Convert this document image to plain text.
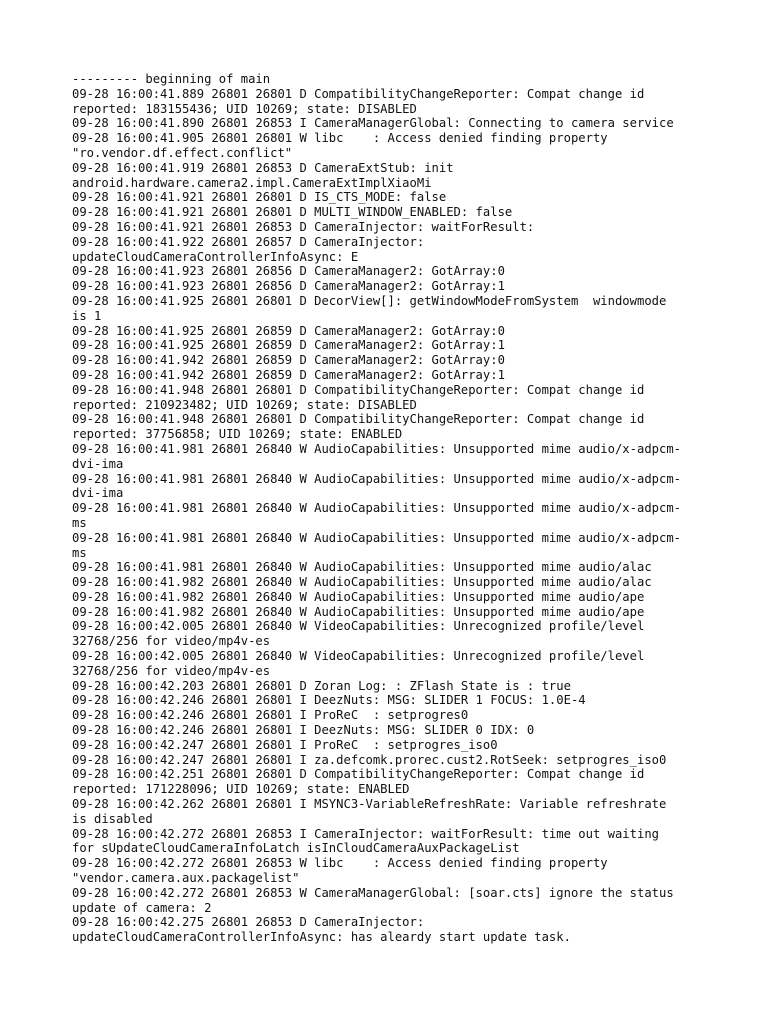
--------- beginning of main
09-28 16:00:41.889 26801 26801 D CompatibilityChangeReporter: Compat change id
reported: 183155436; UID 10269; state: DISABLED
09-28 16:00:41.890 26801 26853 I CameraManagerGlobal: Connecting to camera service
09-28 16:00:41.905 26801 26801 W libc    : Access denied finding property
"ro.vendor.df.effect.conflict"
09-28 16:00:41.919 26801 26853 D CameraExtStub: init
android.hardware.camera2.impl.CameraExtImplXiaoMi
09-28 16:00:41.921 26801 26801 D IS_CTS_MODE: false
09-28 16:00:41.921 26801 26801 D MULTI_WINDOW_ENABLED: false
09-28 16:00:41.921 26801 26853 D CameraInjector: waitForResult:
09-28 16:00:41.922 26801 26857 D CameraInjector:
updateCloudCameraControllerInfoAsync: E
09-28 16:00:41.923 26801 26856 D CameraManager2: GotArray:0
09-28 16:00:41.923 26801 26856 D CameraManager2: GotArray:1
09-28 16:00:41.925 26801 26801 D DecorView[]: getWindowModeFromSystem  windowmode
is 1
09-28 16:00:41.925 26801 26859 D CameraManager2: GotArray:0
09-28 16:00:41.925 26801 26859 D CameraManager2: GotArray:1
09-28 16:00:41.942 26801 26859 D CameraManager2: GotArray:0
09-28 16:00:41.942 26801 26859 D CameraManager2: GotArray:1
09-28 16:00:41.948 26801 26801 D CompatibilityChangeReporter: Compat change id
reported: 210923482; UID 10269; state: DISABLED
09-28 16:00:41.948 26801 26801 D CompatibilityChangeReporter: Compat change id
reported: 37756858; UID 10269; state: ENABLED
09-28 16:00:41.981 26801 26840 W AudioCapabilities: Unsupported mime audio/x-adpcm-
dvi-ima
09-28 16:00:41.981 26801 26840 W AudioCapabilities: Unsupported mime audio/x-adpcm-
dvi-ima
09-28 16:00:41.981 26801 26840 W AudioCapabilities: Unsupported mime audio/x-adpcm-
ms
09-28 16:00:41.981 26801 26840 W AudioCapabilities: Unsupported mime audio/x-adpcm-
ms
09-28 16:00:41.981 26801 26840 W AudioCapabilities: Unsupported mime audio/alac
09-28 16:00:41.982 26801 26840 W AudioCapabilities: Unsupported mime audio/alac
09-28 16:00:41.982 26801 26840 W AudioCapabilities: Unsupported mime audio/ape
09-28 16:00:41.982 26801 26840 W AudioCapabilities: Unsupported mime audio/ape
09-28 16:00:42.005 26801 26840 W VideoCapabilities: Unrecognized profile/level
32768/256 for video/mp4v-es
09-28 16:00:42.005 26801 26840 W VideoCapabilities: Unrecognized profile/level
32768/256 for video/mp4v-es
09-28 16:00:42.203 26801 26801 D Zoran Log: : ZFlash State is : true
09-28 16:00:42.246 26801 26801 I DeezNuts: MSG: SLIDER 1 FOCUS: 1.0E-4
09-28 16:00:42.246 26801 26801 I ProReC  : setprogres0
09-28 16:00:42.246 26801 26801 I DeezNuts: MSG: SLIDER 0 IDX: 0
09-28 16:00:42.247 26801 26801 I ProReC  : setprogres_iso0
09-28 16:00:42.247 26801 26801 I za.defcomk.prorec.cust2.RotSeek: setprogres_iso0
09-28 16:00:42.251 26801 26801 D CompatibilityChangeReporter: Compat change id
reported: 171228096; UID 10269; state: ENABLED
09-28 16:00:42.262 26801 26801 I MSYNC3-VariableRefreshRate: Variable refreshrate
is disabled
09-28 16:00:42.272 26801 26853 I CameraInjector: waitForResult: time out waiting
for sUpdateCloudCameraInfoLatch isInCloudCameraAuxPackageList
09-28 16:00:42.272 26801 26853 W libc    : Access denied finding property
"vendor.camera.aux.packagelist"
09-28 16:00:42.272 26801 26853 W CameraManagerGlobal: [soar.cts] ignore the status
update of camera: 2
09-28 16:00:42.275 26801 26853 D CameraInjector:
updateCloudCameraControllerInfoAsync: has aleardy start update task.
